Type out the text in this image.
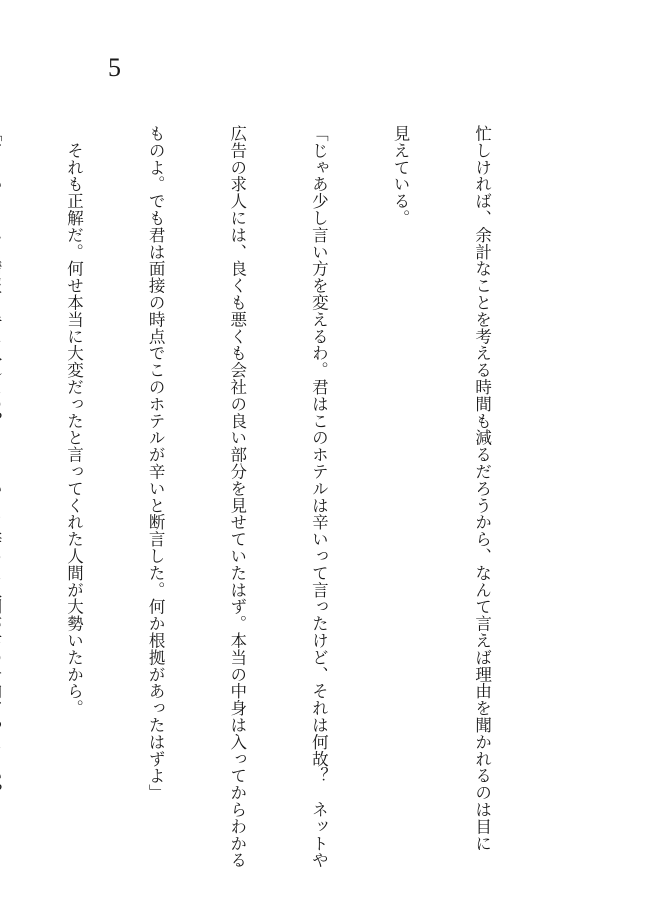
5

忙しければ、余計なことを考える時間も減るだろうから、なんて言えば理由を聞かれるのは目に

見えている。

「じゃあ少し言い方を変えるわ。君はこのホテルは辛いって言ったけど、それは何故？　ネットや

広告の求人には、良くも悪くも会社の良い部分を見せていたはず。本当の中身は入ってからわかる

ものよ。でも君は面接の時点でこのホテルが辛いと断言した。何か根拠があったはずよ」

　それも正解だ。何せ本当に大変だったと言ってくれた人間が大勢いたから。
